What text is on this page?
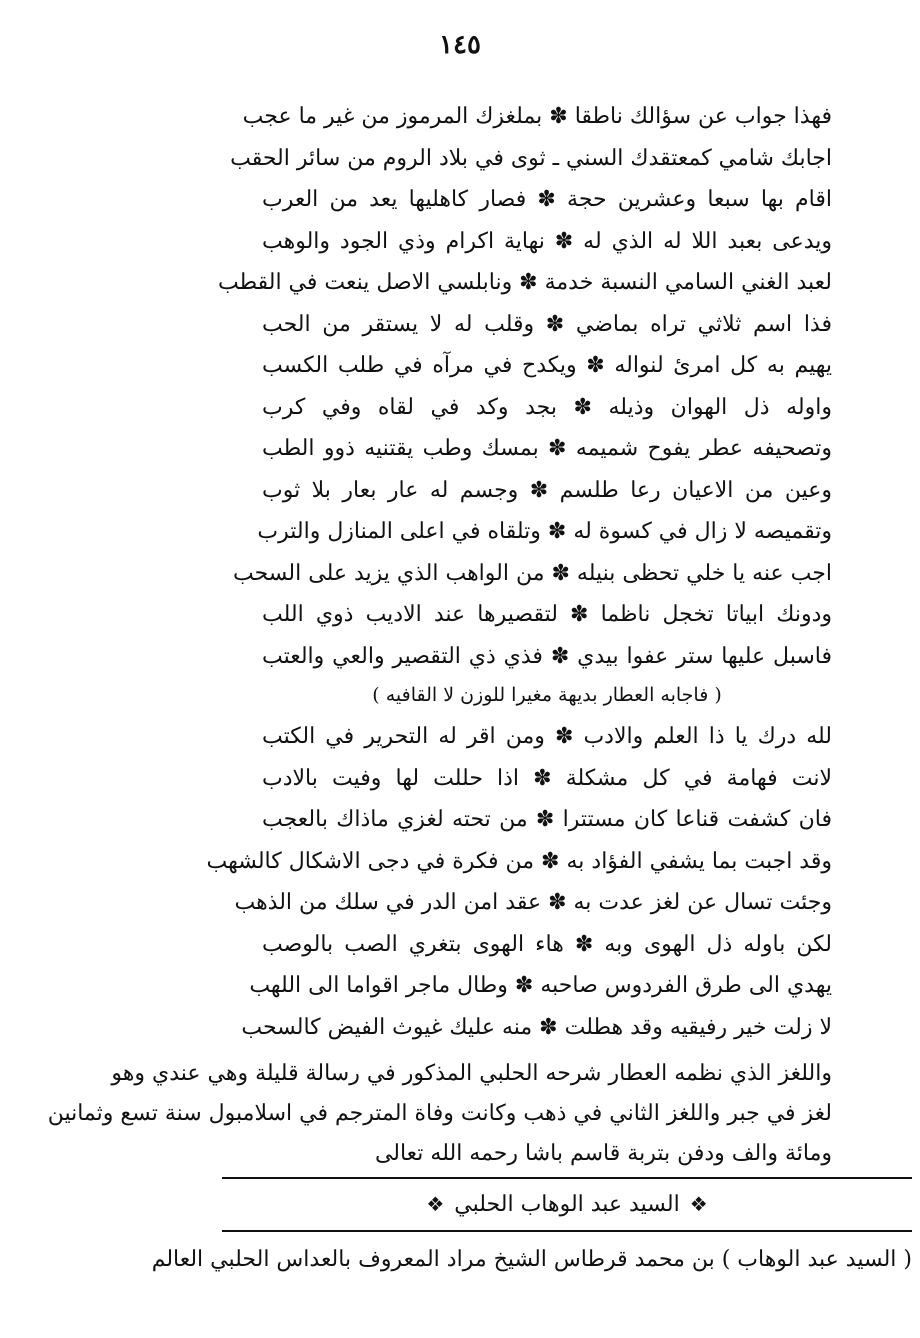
١٤٥
فهذا جواب عن سؤالك ناطقا ✽ بملغزك المرموز من غير ما عجب
اجابك شامي كمعتقدك السني ـ ثوى في بلاد الروم من سائر الحقب
اقام بها سبعا وعشرين حجة ✽ فصار كاهليها يعد من العرب
ويدعى بعبد اللا له الذي له ✽ نهاية اكرام وذي الجود والوهب
لعبد الغني السامي النسبة خدمة ✽ ونابلسي الاصل ينعت في القطب
فذا اسم ثلاثي تراه بماضي ✽ وقلب له لا يستقر من الحب
يهيم به كل امرئ لنواله ✽ ويكدح في مرآه في طلب الكسب
واوله ذل الهوان وذيله ✽ بجد وكد في لقاه وفي كرب
وتصحيفه عطر يفوح شميمه ✽ بمسك وطب يقتنيه ذوو الطب
وعين من الاعيان رعا طلسم ✽ وجسم له عار بعار بلا ثوب
وتقميصه لا زال في كسوة له ✽ وتلقاه في اعلى المنازل والترب
اجب عنه يا خلي تحظى بنيله ✽ من الواهب الذي يزيد على السحب
ودونك ابياتا تخجل ناظما ✽ لتقصيرها عند الاديب ذوي اللب
فاسبل عليها ستر عفوا بيدي ✽ فذي ذي التقصير والعي والعتب
( فاجابه العطار بديهة مغيرا للوزن لا القافيه )
لله درك يا ذا العلم والادب ✽ ومن اقر له التحرير في الكتب
لانت فهامة في كل مشكلة ✽ اذا حللت لها وفيت بالادب
فان كشفت قناعا كان مستترا ✽ من تحته لغزي ماذاك بالعجب
وقد اجبت بما يشفي الفؤاد به ✽ من فكرة في دجى الاشكال كالشهب
وجئت تسال عن لغز عدت به ✽ عقد امن الدر في سلك من الذهب
لكن باوله ذل الهوى وبه ✽ هاء الهوى بتغري الصب بالوصب
يهدي الى طرق الفردوس صاحبه ✽ وطال ماجر اقواما الى اللهب
لا زلت خير رفيقيه وقد هطلت ✽ منه عليك غيوث الفيض كالسحب
واللغز الذي نظمه العطار شرحه الحلبي المذكور في رسالة قليلة وهي عندي وهو
لغز في جبر واللغز الثاني في ذهب وكانت وفاة المترجم في اسلامبول سنة تسع وثمانين
ومائة والف ودفن بتربة قاسم باشا رحمه الله تعالى
❖السيد عبد الوهاب الحلبي❖
( السيد عبد الوهاب ) بن محمد قرطاس الشيخ مراد المعروف بالعداس الحلبي العالم
